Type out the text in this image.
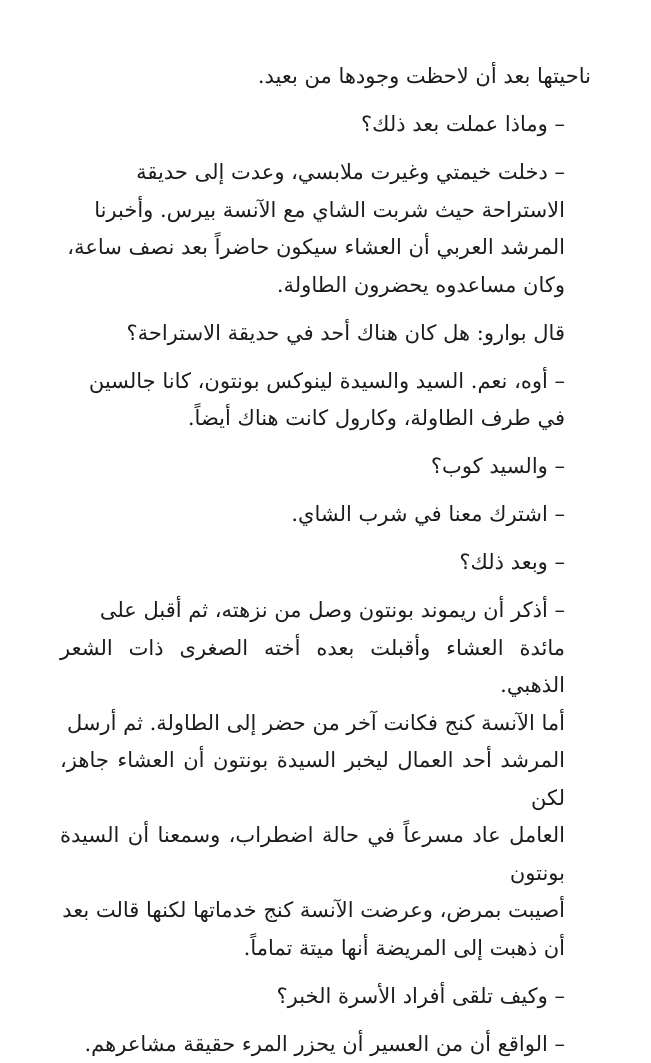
ناحيتها بعد أن لاحظت وجودها من بعيد.

– وماذا عملت بعد ذلك؟

– دخلت خيمتي وغيرت ملابسي، وعدت إلى حديقة
الاستراحة حيث شربت الشاي مع الآنسة بيرس. وأخبرنا
المرشد العربي أن العشاء سيكون حاضراً بعد نصف ساعة،
وكان مساعدوه يحضرون الطاولة.

قال بوارو: هل كان هناك أحد في حديقة الاستراحة؟

– أوه، نعم. السيد والسيدة لينوكس بونتون، كانا جالسين
في طرف الطاولة، وكارول كانت هناك أيضاً.

– والسيد كوب؟

– اشترك معنا في شرب الشاي.

– وبعد ذلك؟

– أذكر أن ريموند بونتون وصل من نزهته، ثم أقبل على
مائدة العشاء وأقبلت بعده أخته الصغرى ذات الشعر الذهبي.
أما الآنسة كنج فكانت آخر من حضر إلى الطاولة. ثم أرسل
المرشد أحد العمال ليخبر السيدة بونتون أن العشاء جاهز، لكن
العامل عاد مسرعاً في حالة اضطراب، وسمعنا أن السيدة بونتون
أصيبت بمرض، وعرضت الآنسة كنج خدماتها لكنها قالت بعد
أن ذهبت إلى المريضة أنها ميتة تماماً.

– وكيف تلقى أفراد الأسرة الخبر؟

– الواقع أن من العسير أن يحزر المرء حقيقة مشاعرهم.
